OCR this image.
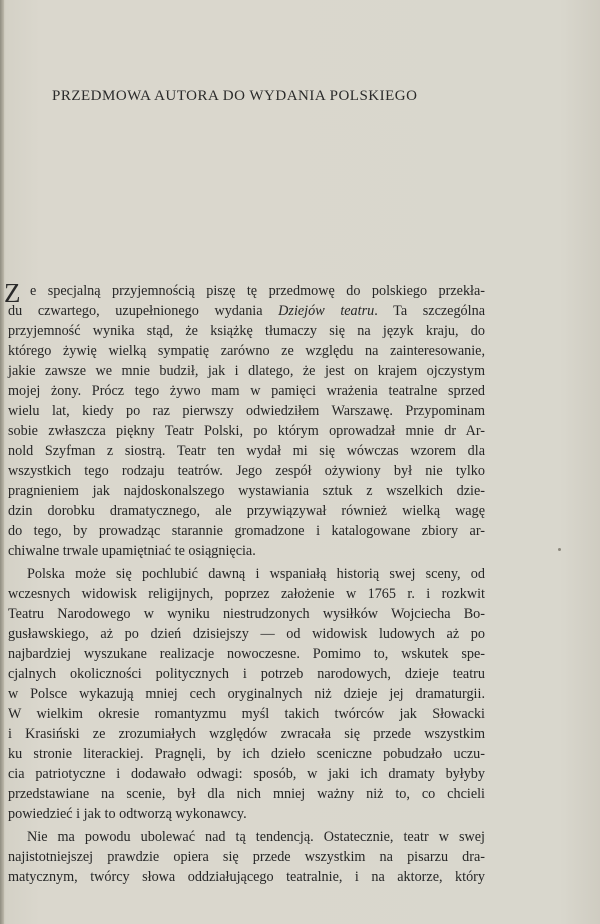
PRZEDMOWA AUTORA DO WYDANIA POLSKIEGO
Z e specjalną przyjemnością piszę tę przedmowę do polskiego przekła-
du czwartego, uzupełnionego wydania Dziejów teatru. Ta szczególna
przyjemność wynika stąd, że książkę tłumaczy się na język kraju, do
którego żywię wielką sympatię zarówno ze względu na zainteresowanie,
jakie zawsze we mnie budził, jak i dlatego, że jest on krajem ojczystym
mojej żony. Prócz tego żywo mam w pamięci wrażenia teatralne sprzed
wielu lat, kiedy po raz pierwszy odwiedziłem Warszawę. Przypominam
sobie zwłaszcza piękny Teatr Polski, po którym oprowadzał mnie dr Ar-
nold Szyfman z siostrą. Teatr ten wydał mi się wówczas wzorem dla
wszystkich tego rodzaju teatrów. Jego zespół ożywiony był nie tylko
pragnieniem jak najdoskonalszego wystawiania sztuk z wszelkich dzie-
dzin dorobku dramatycznego, ale przywiązywał również wielką wagę
do tego, by prowadząc starannie gromadzone i katalogowane zbiory ar-
chiwalne trwale upamiętniać te osiągnięcia.
Polska może się pochlubić dawną i wspaniałą historią swej sceny, od
wczesnych widowisk religijnych, poprzez założenie w 1765 r. i rozkwit
Teatru Narodowego w wyniku niestrudzonych wysiłków Wojciecha Bo-
gusławskiego, aż po dzień dzisiejszy — od widowisk ludowych aż po
najbardziej wyszukane realizacje nowoczesne. Pomimo to, wskutek spe-
cjalnych okoliczności politycznych i potrzeb narodowych, dzieje teatru
w Polsce wykazują mniej cech oryginalnych niż dzieje jej dramaturgii.
W wielkim okresie romantyzmu myśl takich twórców jak Słowacki
i Krasiński ze zrozumiałych względów zwracała się przede wszystkim
ku stronie literackiej. Pragnęli, by ich dzieło sceniczne pobudzało uczu-
cia patriotyczne i dodawało odwagi: sposób, w jaki ich dramaty byłyby
przedstawiane na scenie, był dla nich mniej ważny niż to, co chcieli
powiedzieć i jak to odtworzą wykonawcy.
Nie ma powodu ubolewać nad tą tendencją. Ostatecznie, teatr w swej
najistotniejszej prawdzie opiera się przede wszystkim na pisarzu dra-
matycznym, twórcy słowa oddziałującego teatralnie, i na aktorze, który
